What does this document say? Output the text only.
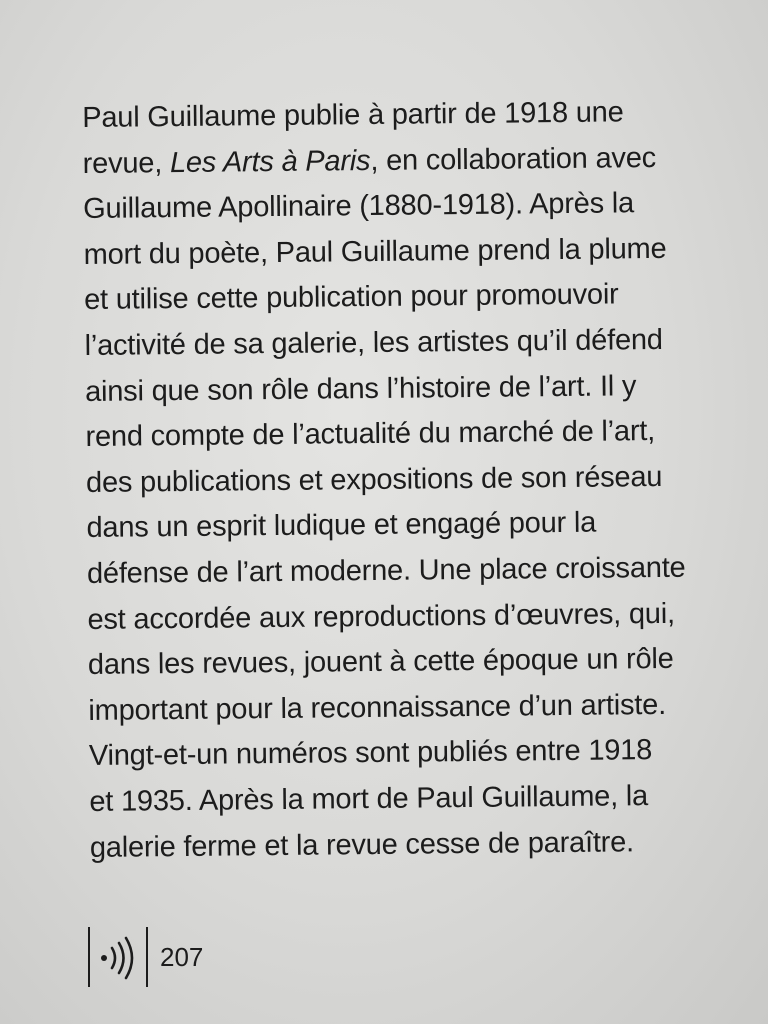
Paul Guillaume publie à partir de 1918 une
revue, Les Arts à Paris, en collaboration avec
Guillaume Apollinaire (1880-1918). Après la
mort du poète, Paul Guillaume prend la plume
et utilise cette publication pour promouvoir
l’activité de sa galerie, les artistes qu’il défend
ainsi que son rôle dans l’histoire de l’art. Il y
rend compte de l’actualité du marché de l’art,
des publications et expositions de son réseau
dans un esprit ludique et engagé pour la
défense de l’art moderne. Une place croissante
est accordée aux reproductions d’œuvres, qui,
dans les revues, jouent à cette époque un rôle
important pour la reconnaissance d’un artiste.
Vingt-et-un numéros sont publiés entre 1918
et 1935. Après la mort de Paul Guillaume, la
galerie ferme et la revue cesse de paraître.

207
